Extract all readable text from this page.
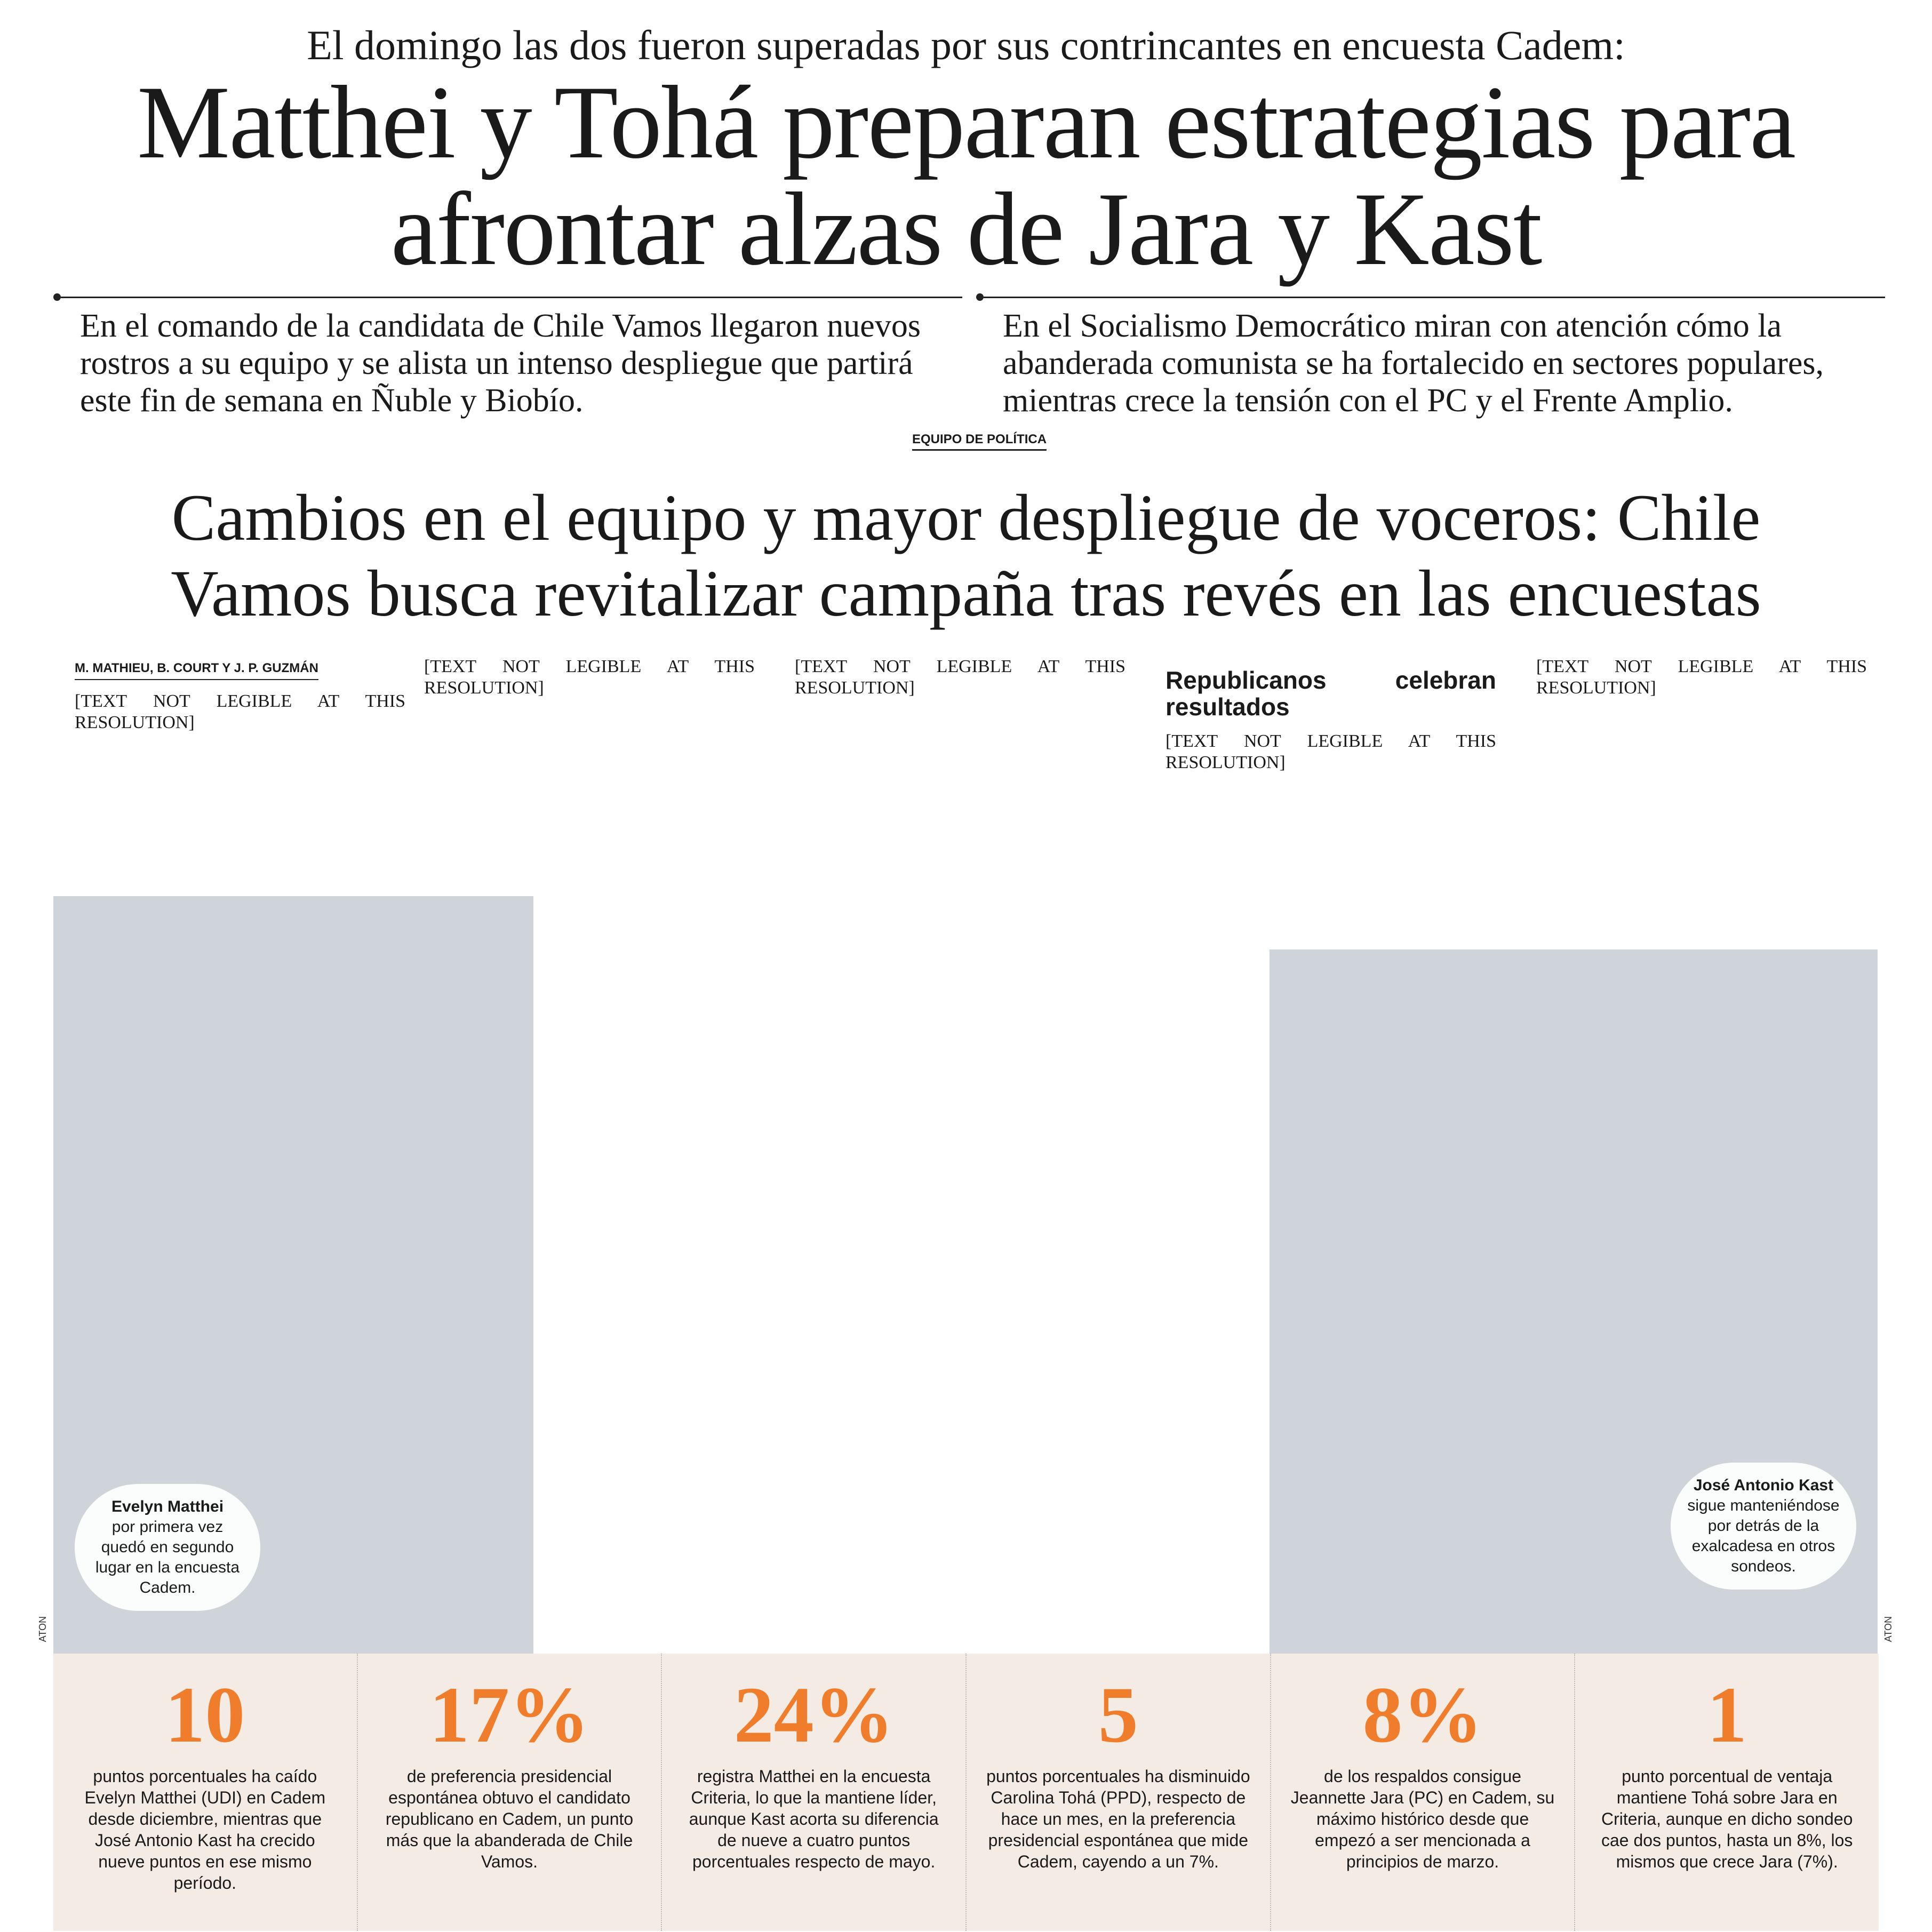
El domingo las dos fueron superadas por sus contrincantes en encuesta Cadem:
Matthei y Tohá preparan estrategias para afrontar alzas de Jara y Kast

En el comando de la candidata de Chile Vamos llegaron nuevos rostros a su equipo y se alista un intenso despliegue que partirá este fin de semana en Ñuble y Biobío.

En el Socialismo Democrático miran con atención cómo la abanderada comunista se ha fortalecido en sectores populares, mientras crece la tensión con el PC y el Frente Amplio.

EQUIPO DE POLÍTICA
Cambios en el equipo y mayor despliegue de voceros: Chile Vamos busca revitalizar campaña tras revés en las encuestas
M. MATHIEU, B. COURT Y J. P. GUZMÁN
[TEXT NOT LEGIBLE AT THIS RESOLUTION]
[TEXT NOT LEGIBLE AT THIS RESOLUTION]
[TEXT NOT LEGIBLE AT THIS RESOLUTION]	Republicanos celebran resultados
[TEXT NOT LEGIBLE AT THIS RESOLUTION]
[TEXT NOT LEGIBLE AT THIS RESOLUTION]
Evelyn Matthei
por primera vez quedó en segundo lugar en la encuesta Cadem.
ATON
José Antonio Kast
sigue manteniéndose por detrás de la exalcadesa en otros sondeos.
ATON
10
puntos porcentuales ha caído Evelyn Matthei (UDI) en Cadem desde diciembre, mientras que José Antonio Kast ha crecido nueve puntos en ese mismo período.
17%
de preferencia presidencial espontánea obtuvo el candidato republicano en Cadem, un punto más que la abanderada de Chile Vamos.
24%
registra Matthei en la encuesta Criteria, lo que la mantiene líder, aunque Kast acorta su diferencia de nueve a cuatro puntos porcentuales respecto de mayo.
5
puntos porcentuales ha disminuido Carolina Tohá (PPD), respecto de hace un mes, en la preferencia presidencial espontánea que mide Cadem, cayendo a un 7%.
8%
de los respaldos consigue Jeannette Jara (PC) en Cadem, su máximo histórico desde que empezó a ser mencionada a principios de marzo.
1
punto porcentual de ventaja mantiene Tohá sobre Jara en Criteria, aunque en dicho sondeo cae dos puntos, hasta un 8%, los mismos que crece Jara (7%).
